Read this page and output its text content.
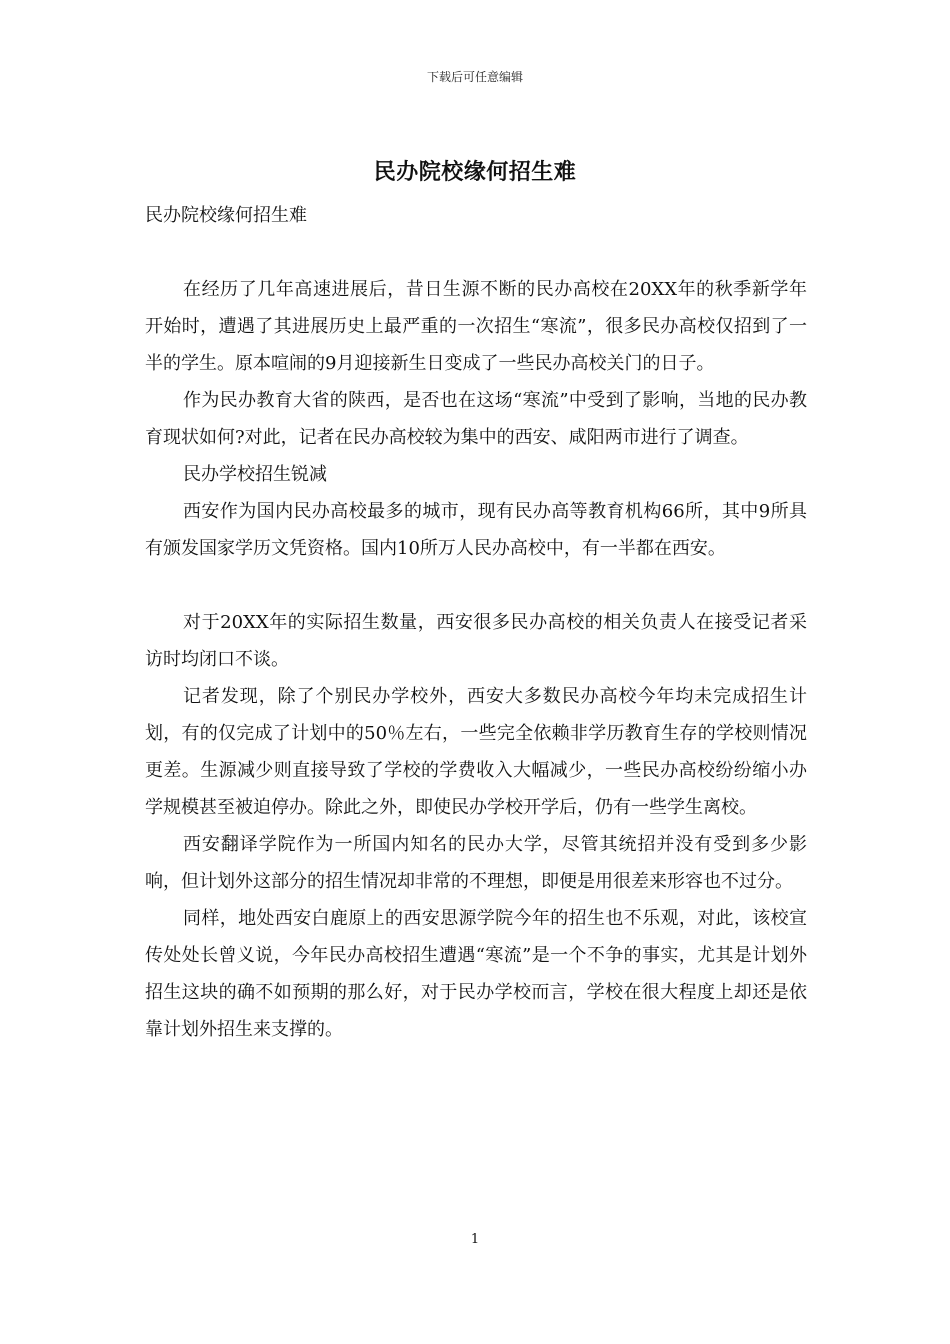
下载后可任意编辑
民办院校缘何招生难

民办院校缘何招生难

在经历了几年高速进展后，昔日生源不断的民办高校在20XX年的秋季新学年开始时，遭遇了其进展历史上最严重的一次招生“寒流”，很多民办高校仅招到了一半的学生。原本喧闹的9月迎接新生日变成了一些民办高校关门的日子。

作为民办教育大省的陕西，是否也在这场“寒流”中受到了影响，当地的民办教育现状如何?对此，记者在民办高校较为集中的西安、咸阳两市进行了调查。

民办学校招生锐减

西安作为国内民办高校最多的城市，现有民办高等教育机构66所，其中9所具有颁发国家学历文凭资格。国内10所万人民办高校中，有一半都在西安。

对于20XX年的实际招生数量，西安很多民办高校的相关负责人在接受记者采访时均闭口不谈。

记者发现，除了个别民办学校外，西安大多数民办高校今年均未完成招生计划，有的仅完成了计划中的50％左右，一些完全依赖非学历教育生存的学校则情况更差。生源减少则直接导致了学校的学费收入大幅减少，一些民办高校纷纷缩小办学规模甚至被迫停办。除此之外，即使民办学校开学后，仍有一些学生离校。

西安翻译学院作为一所国内知名的民办大学，尽管其统招并没有受到多少影响，但计划外这部分的招生情况却非常的不理想，即便是用很差来形容也不过分。

同样，地处西安白鹿原上的西安思源学院今年的招生也不乐观，对此，该校宣传处处长曾义说，今年民办高校招生遭遇“寒流”是一个不争的事实，尤其是计划外招生这块的确不如预期的那么好，对于民办学校而言，学校在很大程度上却还是依靠计划外招生来支撑的。

1
